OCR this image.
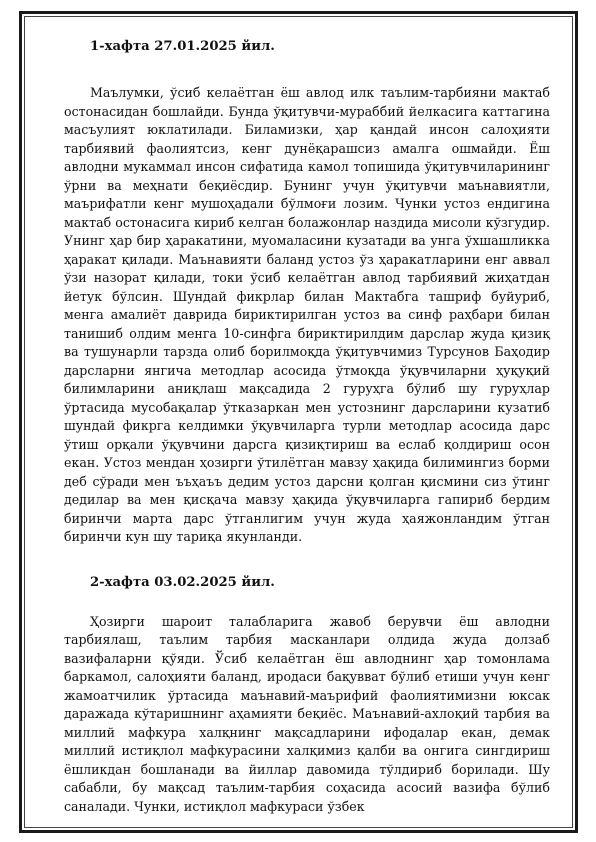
1-хафта 27.01.2025 йил.

Маълумки, ўсиб келаётган ёш авлод илк таълим-тарбияни мактаб остонасидан бошлайди. Бунда ўқитувчи-мураббий йелкасига каттагина масъулият юклатилади. Биламизки, ҳар қандай инсон салоҳияти тарбиявий фаолиятсиз, кенг дунёқарашсиз амалга ошмайди. Ёш авлодни мукаммал инсон сифатида камол топишида ўқитувчиларининг ўрни ва меҳнати беқиёсдир. Бунинг учун ўқитувчи маънавиятли, маърифатли кенг мушоҳадали бўлмоғи лозим. Чунки устоз ендигина мактаб остонасига кириб келган болажонлар наздида мисоли кўзгудир. Унинг ҳар бир ҳаракатини, муомаласини кузатади ва унга ўхшашликка ҳаракат қилади. Маънавияти баланд устоз ўз ҳаракатларини енг аввал ўзи назорат қилади, токи ўсиб келаётган авлод тарбиявий жиҳатдан йетук бўлсин. Шундай фикрлар билан Мактабга ташриф буйуриб, менга амалиёт даврида бириктирилган устоз ва синф раҳбари билан танишиб олдим менга 10-синфга бириктирилдим дарслар жуда қизиқ ва тушунарли тарзда олиб борилмоқда ўқитувчимиз Турсунов Баҳодир дарсларни янгича методлар асосида ўтмоқда ўқувчиларни ҳуқуқий билимларини аниқлаш мақсадида 2 гуруҳга бўлиб шу гуруҳлар ўртасида мусобақалар ўтказаркан мен устознинг дарсларини кузатиб шундай фикрга келдимки ўқувчиларга турли методлар асосида дарс ўтиш орқали ўқувчини дарсга қизиқтириш ва еслаб қолдириш осон екан. Устоз мендан ҳозирги ўтилётган мавзу ҳақида билимингиз борми деб сўради мен ъъҳаъъ дедим устоз дарсни қолган қисмини сиз ўтинг дедилар ва мен қисқача мавзу ҳақида ўқувчиларга гапириб бердим биринчи марта дарс ўтганлигим учун жуда ҳаяжонландим ўтган биринчи кун шу тариқа якунланди.

2-хафта 03.02.2025 йил.

Ҳозирги шароит талабларига жавоб берувчи ёш авлодни тарбиялаш, таълим тарбия масканлари олдида жуда долзаб вазифаларни қўяди. Ўсиб келаётган ёш авлоднинг ҳар томонлама баркамол, салоҳияти баланд, иродаси бақувват бўлиб етиши учун кенг жамоатчилик ўртасида маънавий-маърифий фаолиятимизни юксак даражада кўтаришнинг аҳамияти беқиёс. Маънавий-ахлоқий тарбия ва миллий мафкура халқнинг мақсадларини ифодалар екан, демак миллий истиқлол мафкурасини халқимиз қалби ва онгига сингдириш ёшликдан бошланади ва йиллар давомида тўлдириб борилади. Шу сабабли, бу мақсад таълим-тарбия соҳасида асосий вазифа бўлиб саналади. Чунки, истиқлол мафкураси ўзбек
